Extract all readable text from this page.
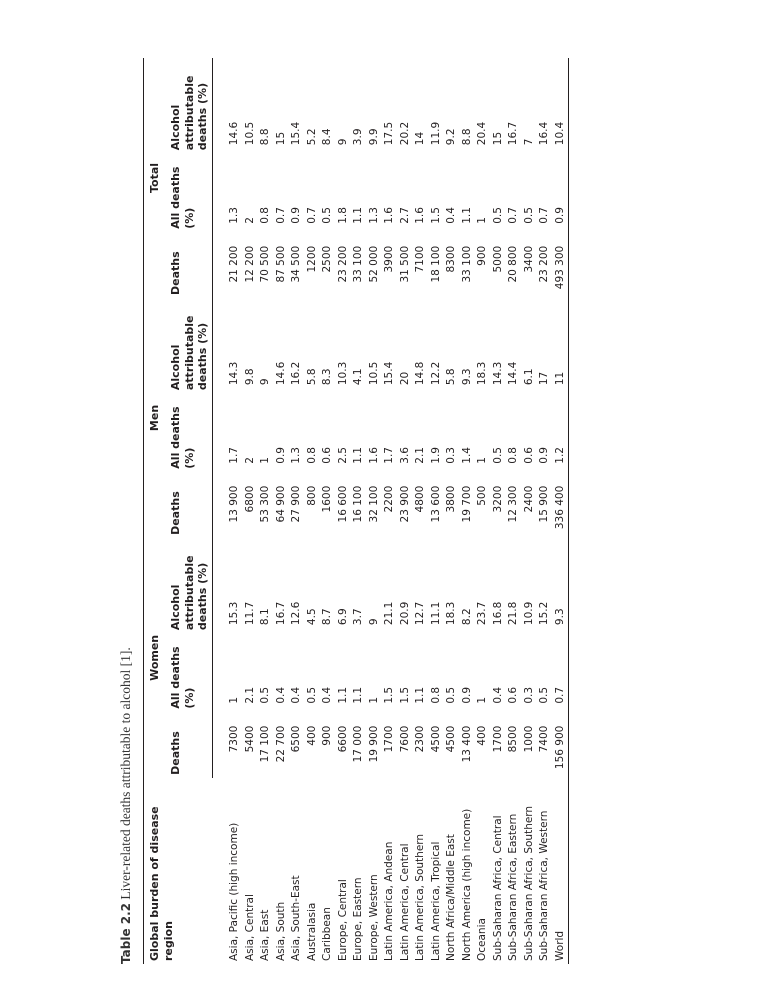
Table 2.2 Liver-related deaths attributable to alcohol [1]. Global burden of disease region	Women			Men			Total		
	Deaths	All deaths (%)	Alcohol attributable deaths (%)	Deaths	All deaths (%)	Alcohol attributable deaths (%)	Deaths	All deaths (%)	Alcohol attributable deaths (%)
Asia, Pacific (high income)	7300	1	15.3	13 900	1.7	14.3	21 200	1.3	14.6
Asia, Central	5400	2.1	11.7	6800	2	9.8	12 200	2	10.5
Asia, East	17 100	0.5	8.1	53 300	1	9	70 500	0.8	8.8
Asia, South	22 700	0.4	16.7	64 900	0.9	14.6	87 500	0.7	15
Asia, South-East	6500	0.4	12.6	27 900	1.3	16.2	34 500	0.9	15.4
Australasia	400	0.5	4.5	800	0.8	5.8	1200	0.7	5.2
Caribbean	900	0.4	8.7	1600	0.6	8.3	2500	0.5	8.4
Europe, Central	6600	1.1	6.9	16 600	2.5	10.3	23 200	1.8	9
Europe, Eastern	17 000	1.1	3.7	16 100	1.1	4.1	33 100	1.1	3.9
Europe, Western	19 900	1	9	32 100	1.6	10.5	52 000	1.3	9.9
Latin America, Andean	1700	1.5	21.1	2200	1.7	15.4	3900	1.6	17.5
Latin America, Central	7600	1.5	20.9	23 900	3.6	20	31 500	2.7	20.2
Latin America, Southern	2300	1.1	12.7	4800	2.1	14.8	7100	1.6	14
Latin America, Tropical	4500	0.8	11.1	13 600	1.9	12.2	18 100	1.5	11.9
North Africa/Middle East	4500	0.5	18.3	3800	0.3	5.8	8300	0.4	9.2
North America (high income)	13 400	0.9	8.2	19 700	1.4	9.3	33 100	1.1	8.8
Oceania	400	1	23.7	500	1	18.3	900	1	20.4
Sub-Saharan Africa, Central	1700	0.4	16.8	3200	0.5	14.3	5000	0.5	15
Sub-Saharan Africa, Eastern	8500	0.6	21.8	12 300	0.8	14.4	20 800	0.7	16.7
Sub-Saharan Africa, Southern	1000	0.3	10.9	2400	0.6	6.1	3400	0.5	7
Sub-Saharan Africa, Western	7400	0.5	15.2	15 900	0.9	17	23 200	0.7	16.4
World	156 900	0.7	9.3	336 400	1.2	11	493 300	0.9	10.4
